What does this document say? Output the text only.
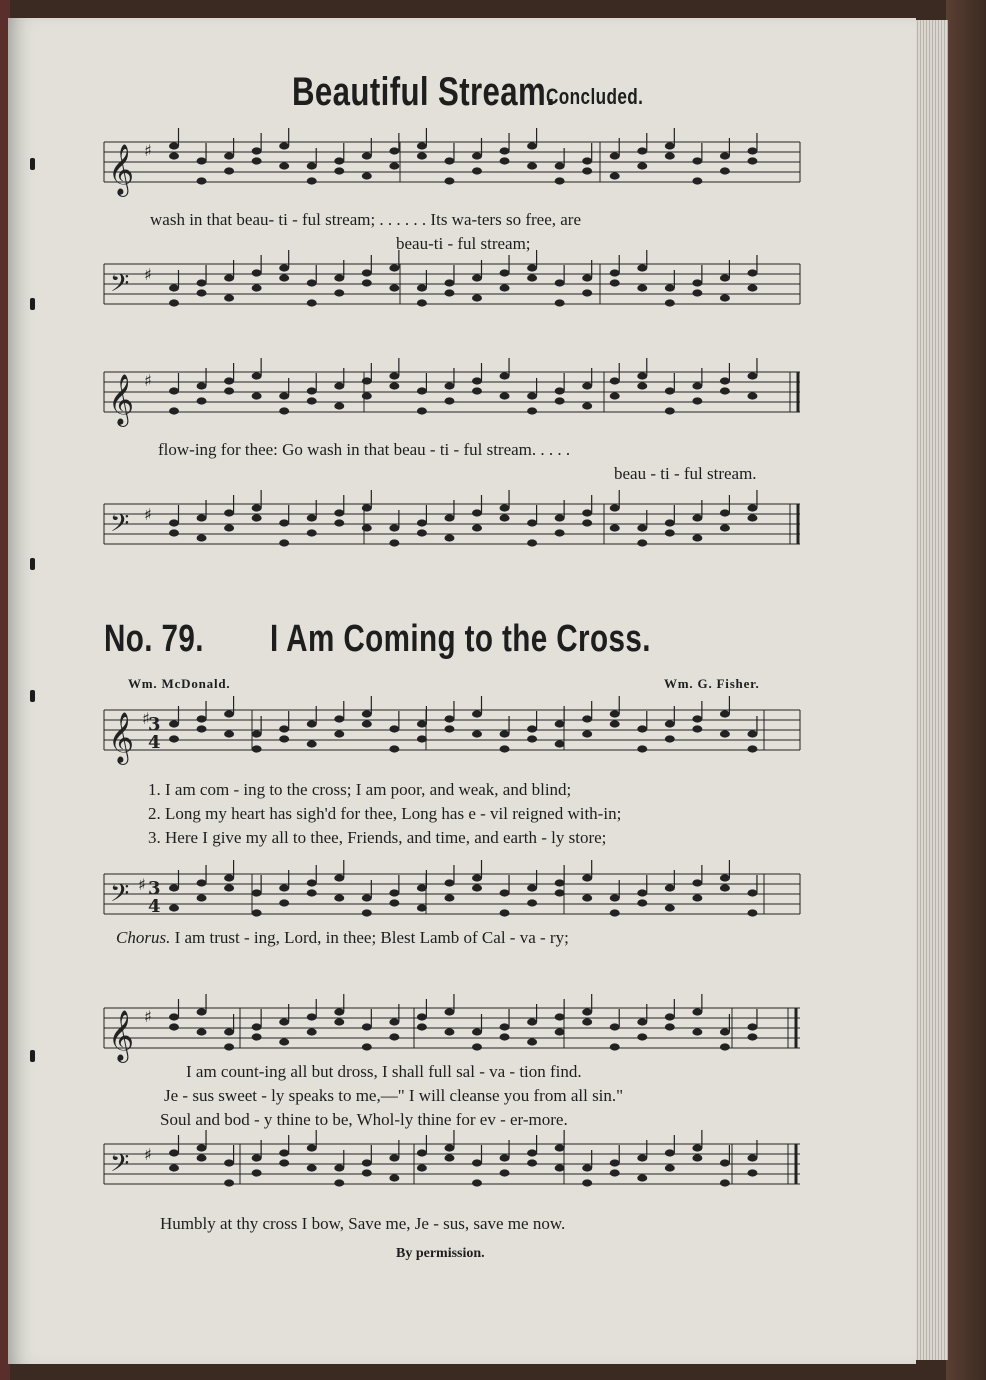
Beautiful Stream.
Concluded.
𝄞 ♯
𝄢 ♯
wash in that beau- ti - ful stream; . . . . . . Its wa-ters so free, are
beau-ti - ful stream;
𝄞 ♯
𝄢 ♯
flow-ing for thee: Go wash in that beau - ti - ful stream. . . . .
beau - ti - ful stream.
No. 79. I Am Coming to the Cross.
Wm. McDonald.	Wm. G. Fisher.
𝄞 ♯
3
4
1. I am com - ing to the cross; I am poor, and weak, and blind;
2. Long my heart has sigh'd for thee, Long has e - vil reigned with-in;
3. Here I give my all to thee, Friends, and time, and earth - ly store;
𝄢 ♯ 3
4
Chorus. I am trust - ing, Lord, in thee; Blest Lamb of Cal - va - ry;
𝄞 ♯
I am count-ing all but dross, I shall full sal - va - tion find.
Je - sus sweet - ly speaks to me,—" I will cleanse you from all sin."
Soul and bod - y thine to be, Whol-ly thine for ev - er-more.
𝄢 ♯
Humbly at thy cross I bow, Save me, Je - sus, save me now.
By permission.
